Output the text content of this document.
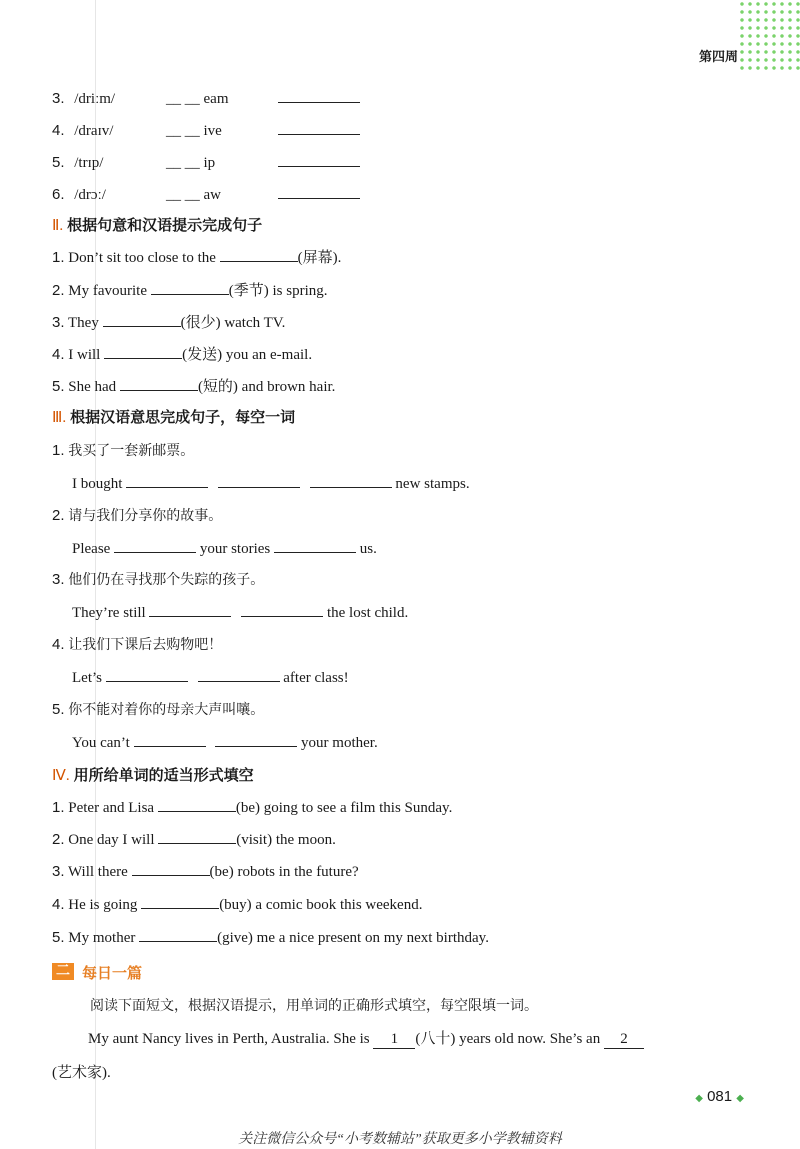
第四周
3. /driːm/	__ __ eam
4. /draɪv/	__ __ ive
5. /trɪp/	__ __ ip
6. /drɔː/	__ __ aw
Ⅱ. 根据句意和汉语提示完成句子
1. Don’t sit too close to the	(屏幕).
2. My favourite	(季节) is spring.
3. They	(很少) watch TV.
4. I will	(发送) you an e-mail.
5. She had	(短的) and brown hair.
Ⅲ. 根据汉语意思完成句子，每空一词
1. 我买了一套新邮票。
I bought	new stamps.
2. 请与我们分享你的故事。
Please	your stories	us.
3. 他们仍在寻找那个失踪的孩子。
They’re still	the lost child.
4. 让我们下课后去购物吧！
Let’s	after class!
5. 你不能对着你的母亲大声叫嚷。
You can’t	your mother.
Ⅳ. 用所给单词的适当形式填空
1. Peter and Lisa	(be) going to see a film this Sunday.
2. One day I will	(visit) the moon.
3. Will there	(be) robots in the future?
4. He is going	(buy) a comic book this weekend.
5. My mother	(give) me a nice present on my next birthday.
二 每日一篇
阅读下面短文，根据汉语提示，用单词的正确形式填空，每空限填一词。
My aunt Nancy lives in Perth, Australia. She is 1 (八十) years old now. She’s an 2
(艺术家).
◆ 081 ◆
关注微信公众号“小考数辅站”获取更多小学教辅资料
